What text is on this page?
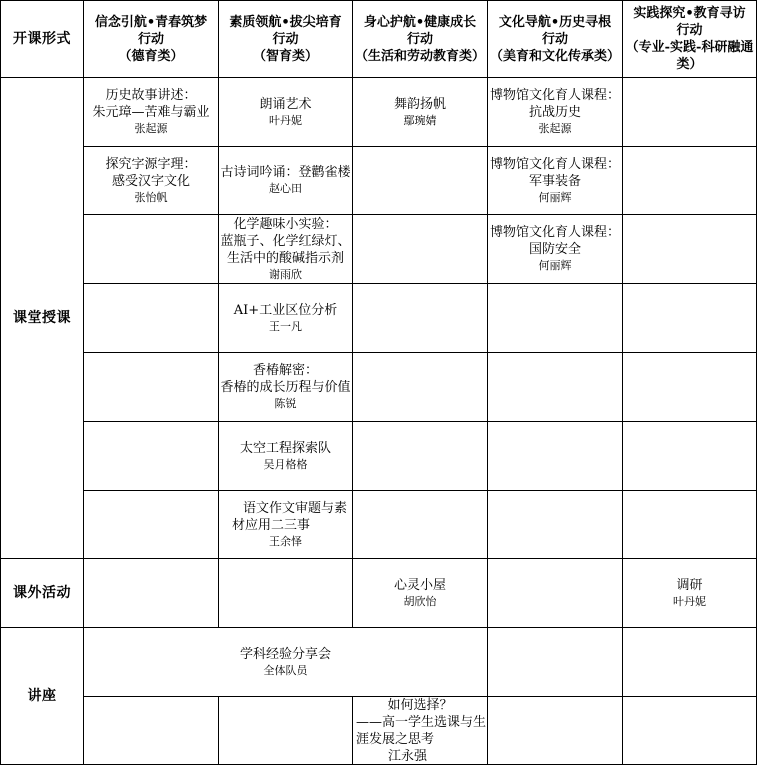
开课形式
信念引航•青春筑梦
行动
（德育类）
素质领航•拔尖培育
行动
（智育类）
身心护航•健康成长
行动
（生活和劳动教育类）
文化导航•历史寻根
行动
（美育和文化传承类）
实践探究•教育寻访
行动
（专业-实践-科研融通
类）
课堂授课
历史故事讲述：
朱元璋—苦难与霸业
张起源
朗诵艺术
叶丹妮
舞韵扬帆
鄢琬婧
博物馆文化育人课程：
抗战历史
张起源
探究字源字理：
感受汉字文化
张怡帆
古诗词吟诵：登鹳雀楼
赵心田
博物馆文化育人课程：
军事装备
何丽辉
化学趣味小实验：
蓝瓶子、化学红绿灯、
生活中的酸碱指示剂
谢雨欣
博物馆文化育人课程：
国防安全
何丽辉
AI+工业区位分析
王一凡
香椿解密：
香椿的成长历程与价值
陈锐
太空工程探索队
吴月格格
语文作文审题与素
材应用二三事
王余怿
课外活动	心灵小屋
胡欣怡
调研
叶丹妮
讲座
学科经验分享会
全体队员
如何选择？
——高一学生选课与生
涯发展之思考
江永强
